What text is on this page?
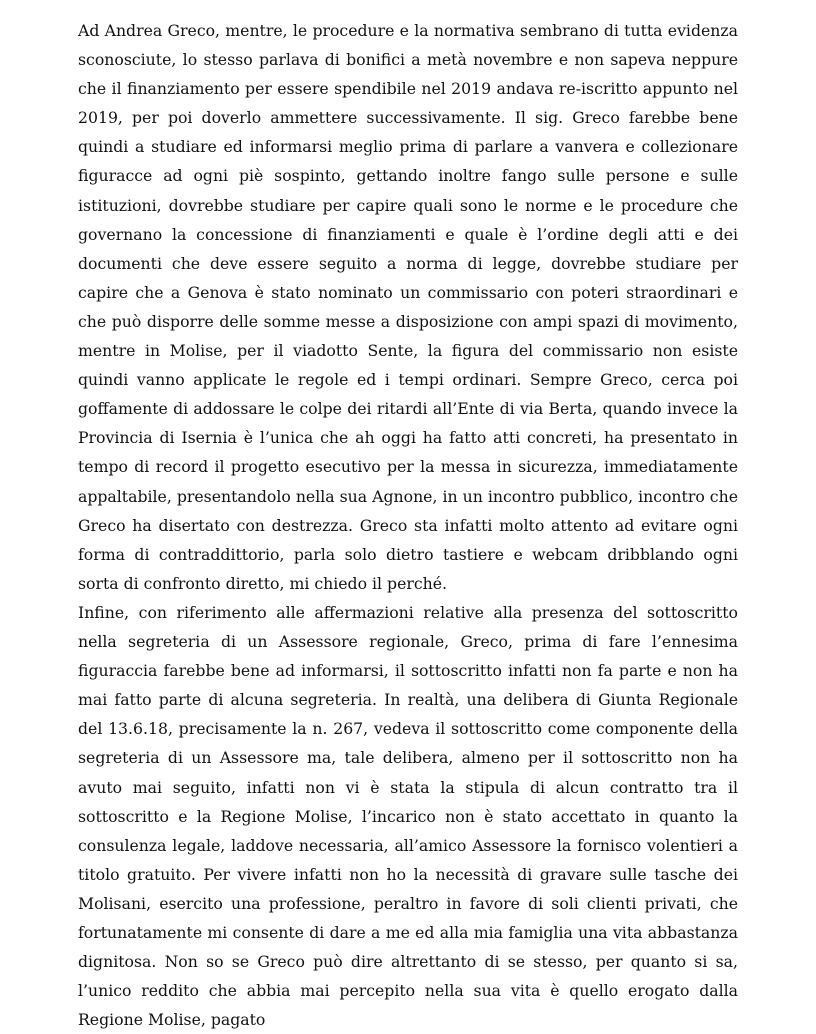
Ad Andrea Greco, mentre, le procedure e la normativa sembrano di tutta evidenza sconosciute, lo stesso parlava di bonifici a metà novembre e non sapeva neppure che il finanziamento per essere spendibile nel 2019 andava re-iscritto appunto nel 2019, per poi doverlo ammettere successivamente. Il sig. Greco farebbe bene quindi a studiare ed informarsi meglio prima di parlare a vanvera e collezionare figuracce ad ogni piè sospinto, gettando inoltre fango sulle persone e sulle istituzioni, dovrebbe studiare per capire quali sono le norme e le procedure che governano la concessione di finanziamenti e quale è l’ordine degli atti e dei documenti che deve essere seguito a norma di legge, dovrebbe studiare per capire che a Genova è stato nominato un commissario con poteri straordinari e che può disporre delle somme messe a disposizione con ampi spazi di movimento, mentre in Molise, per il viadotto Sente, la figura del commissario non esiste quindi vanno applicate le regole ed i tempi ordinari. Sempre Greco, cerca poi goffamente di addossare le colpe dei ritardi all’Ente di via Berta, quando invece la Provincia di Isernia è l’unica che ah oggi ha fatto atti concreti, ha presentato in tempo di record il progetto esecutivo per la messa in sicurezza, immediatamente appaltabile, presentandolo nella sua Agnone, in un incontro pubblico, incontro che Greco ha disertato con destrezza. Greco sta infatti molto attento ad evitare ogni forma di contraddittorio, parla solo dietro tastiere e webcam dribblando ogni sorta di confronto diretto, mi chiedo il perché.

Infine, con riferimento alle affermazioni relative alla presenza del sottoscritto nella segreteria di un Assessore regionale, Greco, prima di fare l’ennesima figuraccia farebbe bene ad informarsi, il sottoscritto infatti non fa parte e non ha mai fatto parte di alcuna segreteria. In realtà, una delibera di Giunta Regionale del 13.6.18, precisamente la n. 267, vedeva il sottoscritto come componente della segreteria di un Assessore ma, tale delibera, almeno per il sottoscritto non ha avuto mai seguito, infatti non vi è stata la stipula di alcun contratto tra il sottoscritto e la Regione Molise, l’incarico non è stato accettato in quanto la consulenza legale, laddove necessaria, all’amico Assessore la fornisco volentieri a titolo gratuito. Per vivere infatti non ho la necessità di gravare sulle tasche dei Molisani, esercito una professione, peraltro in favore di soli clienti privati, che fortunatamente mi consente di dare a me ed alla mia famiglia una vita abbastanza dignitosa. Non so se Greco può dire altrettanto di se stesso, per quanto si sa, l’unico reddito che abbia mai percepito nella sua vita è quello erogato dalla Regione Molise, pagato
